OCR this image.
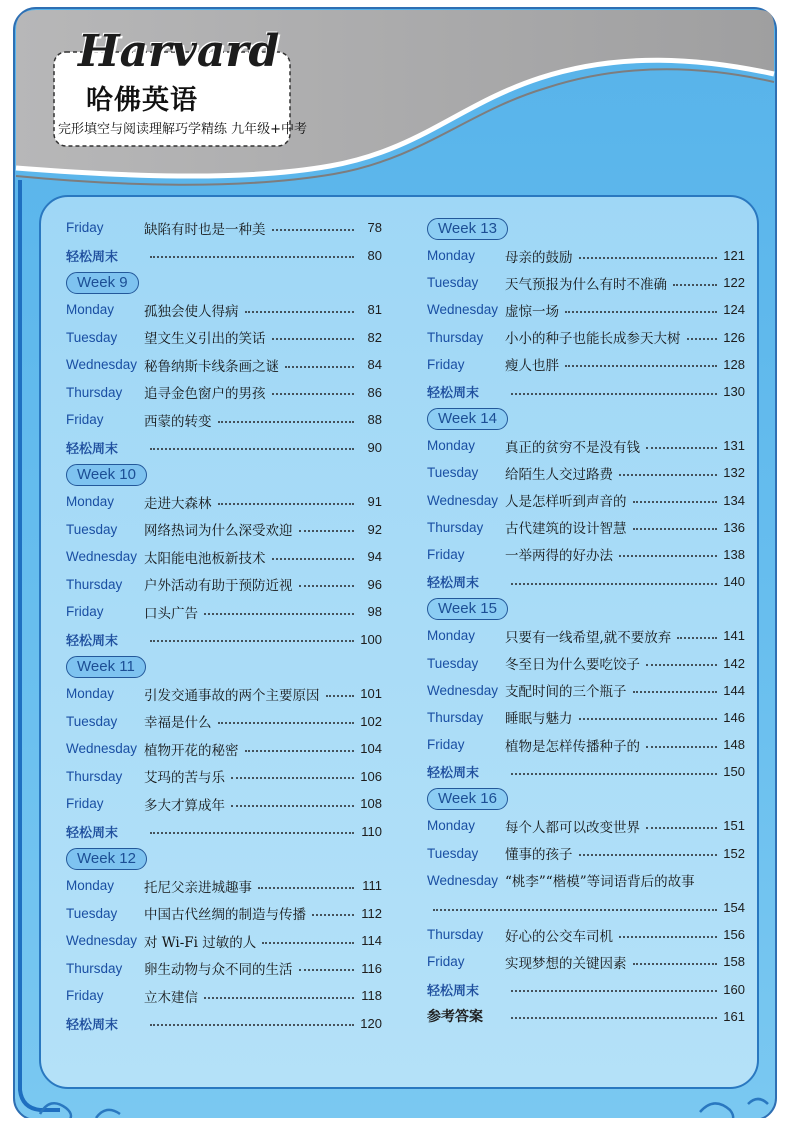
Harvard
哈佛英语
完形填空与阅读理解巧学精练 九年级+中考
Friday	缺陷有时也是一种美	78
轻松周末	80
Week 9
Monday	孤独会使人得病	81
Tuesday	望文生义引出的笑话	82
Wednesday 秘鲁纳斯卡线条画之谜	84
Thursday	追寻金色窗户的男孩	86
Friday	西蒙的转变	88
轻松周末	90
Week 10
Monday	走进大森林	91
Tuesday	网络热词为什么深受欢迎	92
Wednesday 太阳能电池板新技术	94
Thursday	户外活动有助于预防近视	96
Friday	口头广告	98
轻松周末	100
Week 11
Monday	引发交通事故的两个主要原因	101
Tuesday	幸福是什么	102
Wednesday 植物开花的秘密	104
Thursday	艾玛的苦与乐	106
Friday	多大才算成年	108
轻松周末	110
Week 12
Monday	托尼父亲进城趣事	111
Tuesday	中国古代丝绸的制造与传播	112
Wednesday 对 Wi-Fi 过敏的人	114
Thursday	卵生动物与众不同的生活	116
Friday	立木建信	118
轻松周末	120
Week 13
Monday	母亲的鼓励	121
Tuesday	天气预报为什么有时不准确	122
Wednesday 虚惊一场	124
Thursday	小小的种子也能长成参天大树	126
Friday	瘦人也胖	128
轻松周末	130
Week 14
Monday	真正的贫穷不是没有钱	131
Tuesday	给陌生人交过路费	132
Wednesday 人是怎样听到声音的	134
Thursday	古代建筑的设计智慧	136
Friday	一举两得的好办法	138
轻松周末	140
Week 15
Monday	只要有一线希望,就不要放弃	141
Tuesday	冬至日为什么要吃饺子	142
Wednesday 支配时间的三个瓶子	144
Thursday	睡眠与魅力	146
Friday	植物是怎样传播种子的	148
轻松周末	150
Week 16
Monday	每个人都可以改变世界	151
Tuesday	懂事的孩子	152
Wednesday “桃李”“楷模”等词语背后的故事
154
Thursday	好心的公交车司机	156
Friday	实现梦想的关键因素	158
轻松周末	160
参考答案	161
